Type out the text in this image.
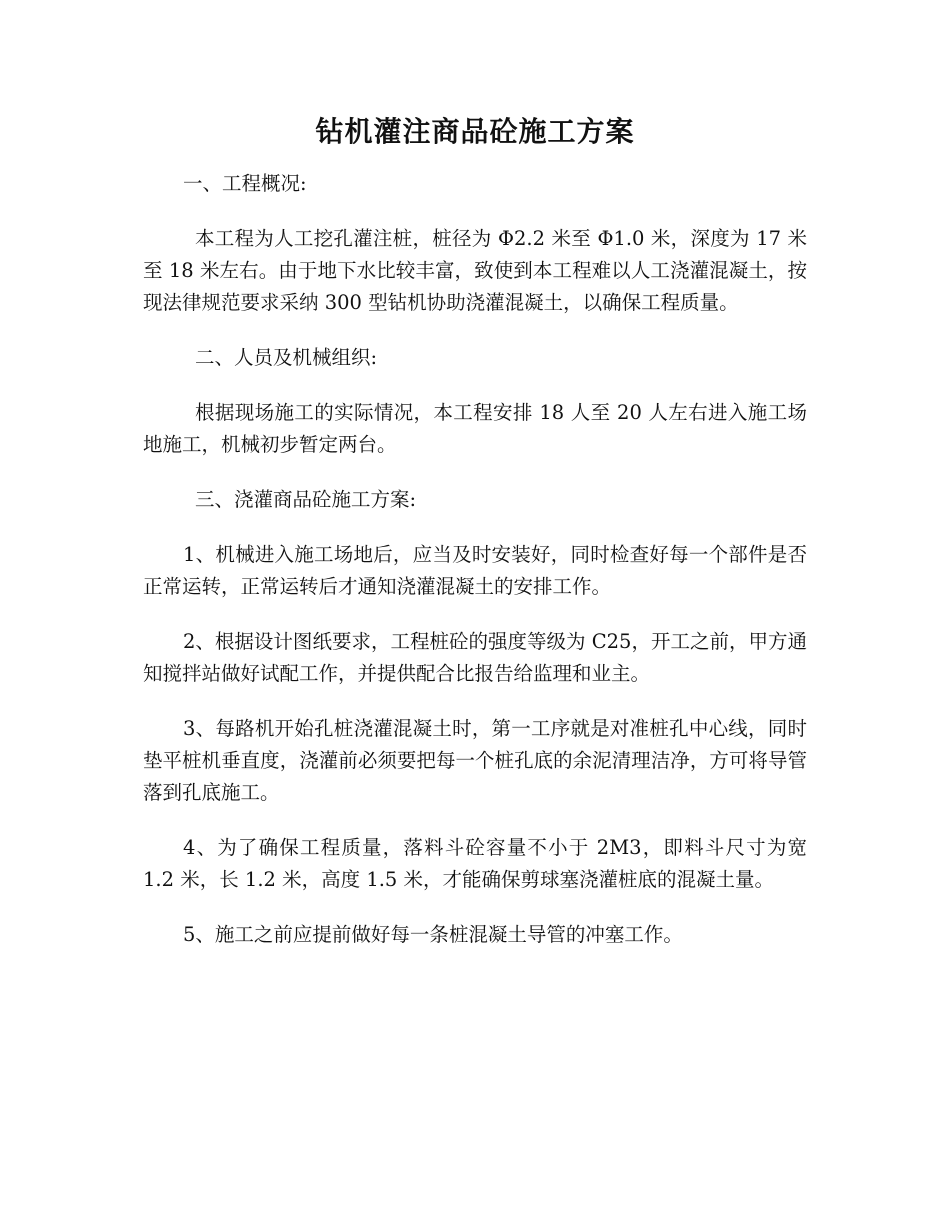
钻机灌注商品砼施工方案

一、工程概况:

本工程为人工挖孔灌注桩，桩径为 Φ2.2 米至 Φ1.0 米，深度为 17 米至 18 米左右。由于地下水比较丰富，致使到本工程难以人工浇灌混凝土，按现法律规范要求采纳 300 型钻机协助浇灌混凝土，以确保工程质量。

二、人员及机械组织:

根据现场施工的实际情况，本工程安排 18 人至 20 人左右进入施工场地施工，机械初步暂定两台。

三、浇灌商品砼施工方案:

1、机械进入施工场地后，应当及时安装好，同时检查好每一个部件是否正常运转，正常运转后才通知浇灌混凝土的安排工作。

2、根据设计图纸要求，工程桩砼的强度等级为 C25，开工之前，甲方通知搅拌站做好试配工作，并提供配合比报告给监理和业主。

3、每路机开始孔桩浇灌混凝土时，第一工序就是对准桩孔中心线，同时垫平桩机垂直度，浇灌前必须要把每一个桩孔底的余泥清理洁净，方可将导管落到孔底施工。

4、为了确保工程质量，落料斗砼容量不小于 2M3，即料斗尺寸为宽 1.2 米，长 1.2 米，高度 1.5 米，才能确保剪球塞浇灌桩底的混凝土量。

5、施工之前应提前做好每一条桩混凝土导管的冲塞工作。
